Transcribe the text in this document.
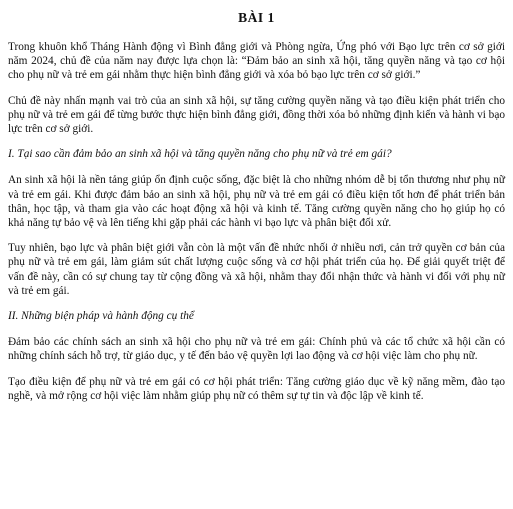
BÀI 1

Trong khuôn khổ Tháng Hành động vì Bình đẳng giới và Phòng ngừa, Ứng phó với Bạo lực trên cơ sở giới năm 2024, chủ đề của năm nay được lựa chọn là: “Đảm bảo an sinh xã hội, tăng quyền năng và tạo cơ hội cho phụ nữ và trẻ em gái nhằm thực hiện bình đẳng giới và xóa bỏ bạo lực trên cơ sở giới.”

Chủ đề này nhấn mạnh vai trò của an sinh xã hội, sự tăng cường quyền năng và tạo điều kiện phát triển cho phụ nữ và trẻ em gái để từng bước thực hiện bình đẳng giới, đồng thời xóa bỏ những định kiến và hành vi bạo lực trên cơ sở giới.

I. Tại sao cần đảm bảo an sinh xã hội và tăng quyền năng cho phụ nữ và trẻ em gái?

An sinh xã hội là nền tảng giúp ổn định cuộc sống, đặc biệt là cho những nhóm dễ bị tổn thương như phụ nữ và trẻ em gái. Khi được đảm bảo an sinh xã hội, phụ nữ và trẻ em gái có điều kiện tốt hơn để phát triển bản thân, học tập, và tham gia vào các hoạt động xã hội và kinh tế. Tăng cường quyền năng cho họ giúp họ có khả năng tự bảo vệ và lên tiếng khi gặp phải các hành vi bạo lực và phân biệt đối xử.

Tuy nhiên, bạo lực và phân biệt giới vẫn còn là một vấn đề nhức nhối ở nhiều nơi, cản trở quyền cơ bản của phụ nữ và trẻ em gái, làm giảm sút chất lượng cuộc sống và cơ hội phát triển của họ. Để giải quyết triệt để vấn đề này, cần có sự chung tay từ cộng đồng và xã hội, nhằm thay đổi nhận thức và hành vi đối với phụ nữ và trẻ em gái.

II. Những biện pháp và hành động cụ thể

Đảm bảo các chính sách an sinh xã hội cho phụ nữ và trẻ em gái: Chính phủ và các tổ chức xã hội cần có những chính sách hỗ trợ, từ giáo dục, y tế đến bảo vệ quyền lợi lao động và cơ hội việc làm cho phụ nữ.

Tạo điều kiện để phụ nữ và trẻ em gái có cơ hội phát triển: Tăng cường giáo dục về kỹ năng mềm, đào tạo nghề, và mở rộng cơ hội việc làm nhằm giúp phụ nữ có thêm sự tự tin và độc lập về kinh tế.
